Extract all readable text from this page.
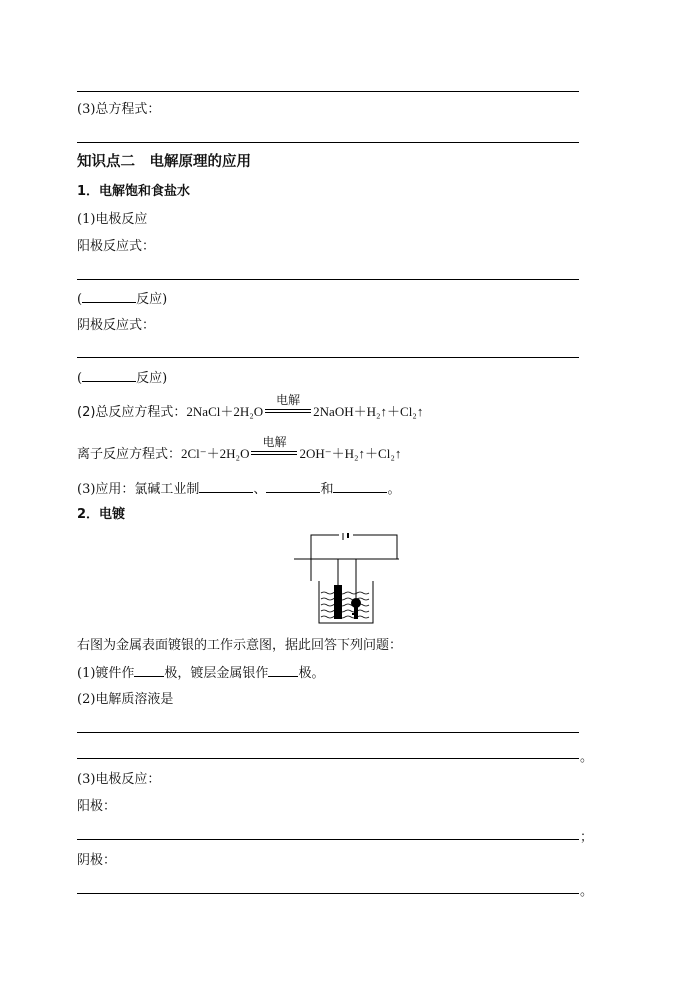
(3)总方程式：
知识点二　电解原理的应用
1．电解饱和食盐水
(1)电极反应
阳极反应式：
(	反应)
阴极反应式：
(	反应)
(2)总反应方程式：2NaCl＋2H₂O
电解
2NaOH＋H₂↑＋Cl₂↑
离子反应方程式：2Cl⁻＋2H₂O
电解
2OH⁻＋H₂↑＋Cl₂↑
(3)应用：氯碱工业制	、	和	。
2．电镀
右图为金属表面镀银的工作示意图，据此回答下列问题：
(1)镀件作 极，镀层金属银作 极。
(2)电解质溶液是
。
(3)电极反应：
阳极：
；
阴极：
。
